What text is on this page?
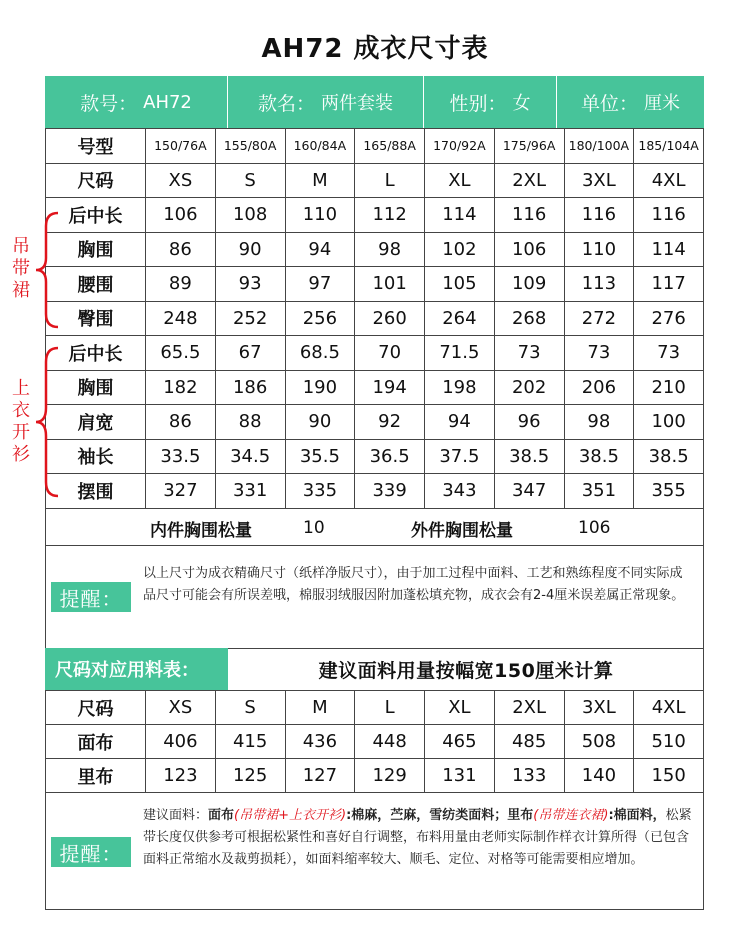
AH72 成衣尺寸表
款号： AH72	款名： 两件套装	性别： 女	单位： 厘米
号型	150/76A	155/80A	160/84A	165/88A	170/92A	175/96A	180/100A	185/104A
尺码	XS	S	M	L	XL	2XL	3XL	4XL
后中长	106	108	110	112	114	116	116	116
胸围	86	90	94	98	102	106	110	114
腰围	89	93	97	101	105	109	113	117
臀围	248	252	256	260	264	268	272	276
后中长	65.5	67	68.5	70	71.5	73	73	73
胸围	182	186	190	194	198	202	206	210
肩宽	86	88	90	92	94	96	98	100
袖长	33.5	34.5	35.5	36.5	37.5	38.5	38.5	38.5
摆围	327	331	335	339	343	347	351	355
吊带裙
上衣开衫
内件胸围松量	10	外件胸围松量	106
提醒：
以上尺寸为成衣精确尺寸（纸样净版尺寸），由于加工过程中面料、工艺和熟练程度不同实际成品尺寸可能会有所误差哦，棉服羽绒服因附加蓬松填充物，成衣会有2-4厘米误差属正常现象。
尺码对应用料表：	建议面料用量按幅宽150厘米计算
尺码	XS	S	M	L	XL	2XL	3XL	4XL
面布	406	415	436	448	465	485	508	510
里布	123	125	127	129	131	133	140	150
提醒：
建议面料：面布(吊带裙+上衣开衫):棉麻，苎麻，雪纺类面料；里布(吊带连衣裙):棉面料，松紧带长度仅供参考可根据松紧性和喜好自行调整，布料用量由老师实际制作样衣计算所得（已包含面料正常缩水及裁剪损耗），如面料缩率较大、顺毛、定位、对格等可能需要相应增加。
